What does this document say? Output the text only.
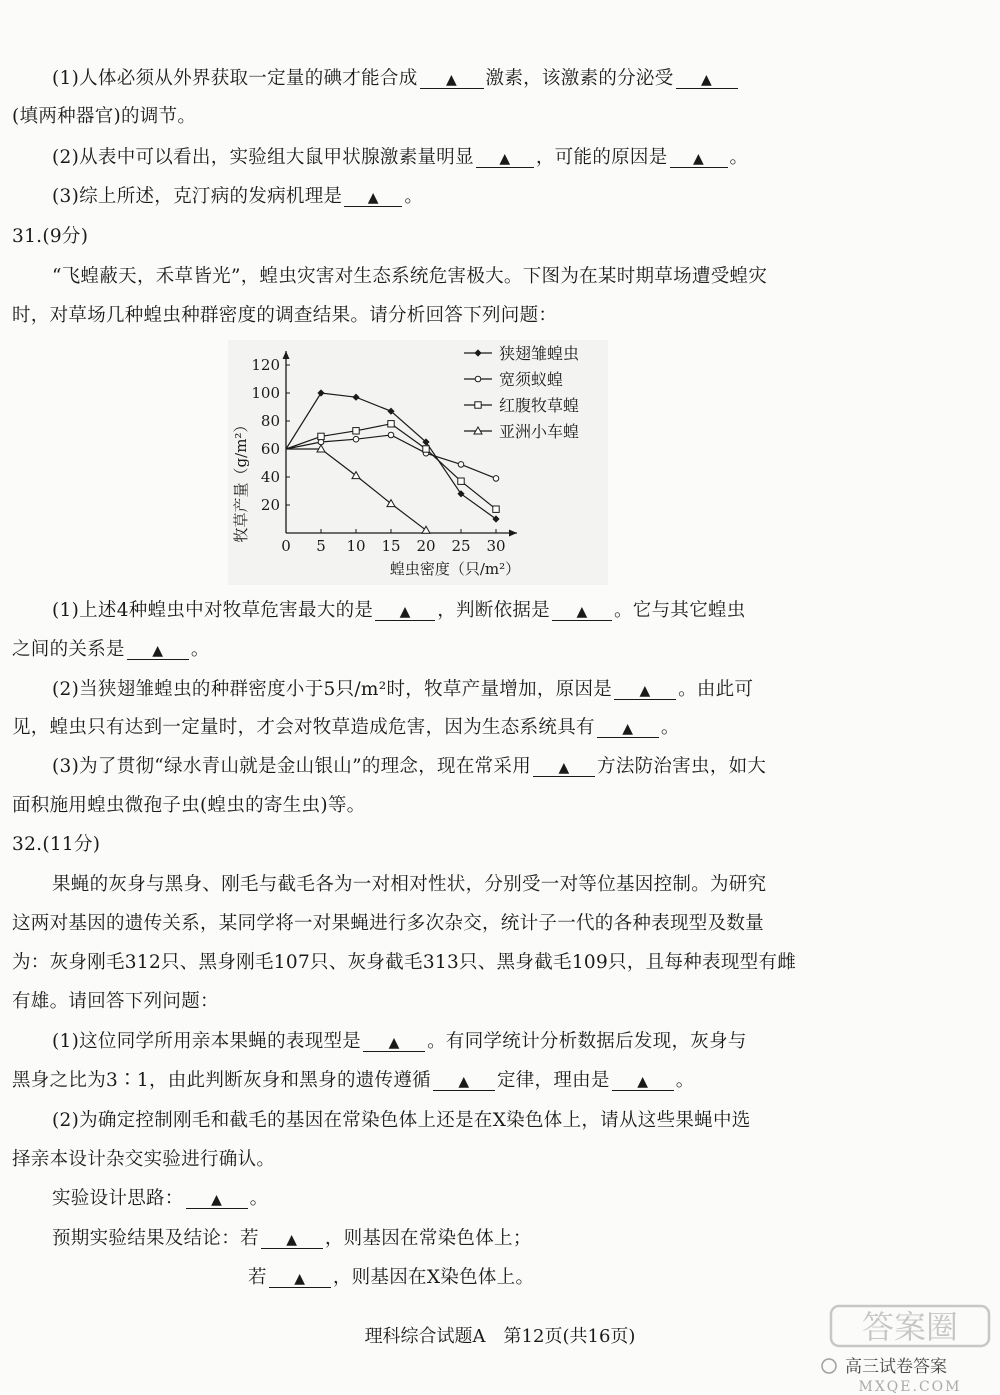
(1)人体必须从外界获取一定量的碘才能合成 ▲ 激素，该激素的分泌受 ▲
(填两种器官)的调节。
(2)从表中可以看出，实验组大鼠甲状腺激素量明显 ▲ ，可能的原因是 ▲ 。
(3)综上所述，克汀病的发病机理是 ▲ 。
31.(9分)
“飞蝗蔽天，禾草皆光”，蝗虫灾害对生态系统危害极大。下图为在某时期草场遭受蝗灾
时，对草场几种蝗虫种群密度的调查结果。请分析回答下列问题：
0 5 10 15 20 25 30
20
40
60
80
100
120
狭翅雏蝗虫
宽须蚁蝗
红腹牧草蝗
亚洲小车蝗
牧草产量（g/m²）
蝗虫密度（只/m²）
(1)上述4种蝗虫中对牧草危害最大的是 ▲ ，判断依据是 ▲ 。它与其它蝗虫
之间的关系是 ▲ 。
(2)当狭翅雏蝗虫的种群密度小于5只/m²时，牧草产量增加，原因是 ▲ 。由此可
见，蝗虫只有达到一定量时，才会对牧草造成危害，因为生态系统具有 ▲ 。
(3)为了贯彻“绿水青山就是金山银山”的理念，现在常采用 ▲ 方法防治害虫，如大
面积施用蝗虫微孢子虫(蝗虫的寄生虫)等。
32.(11分)
果蝇的灰身与黑身、刚毛与截毛各为一对相对性状，分别受一对等位基因控制。为研究
这两对基因的遗传关系，某同学将一对果蝇进行多次杂交，统计子一代的各种表现型及数量
为：灰身刚毛312只、黑身刚毛107只、灰身截毛313只、黑身截毛109只，且每种表现型有雌
有雄。请回答下列问题：
(1)这位同学所用亲本果蝇的表现型是 ▲ 。有同学统计分析数据后发现，灰身与
黑身之比为3∶1，由此判断灰身和黑身的遗传遵循 ▲ 定律，理由是 ▲ 。
(2)为确定控制刚毛和截毛的基因在常染色体上还是在X染色体上，请从这些果蝇中选
择亲本设计杂交实验进行确认。
实验设计思路： ▲ 。
预期实验结果及结论：若 ▲ ，则基因在常染色体上；
若 ▲ ，则基因在X染色体上。
理科综合试题A　第12页(共16页)	答案圈
高三试卷答案
MXQE.COM
